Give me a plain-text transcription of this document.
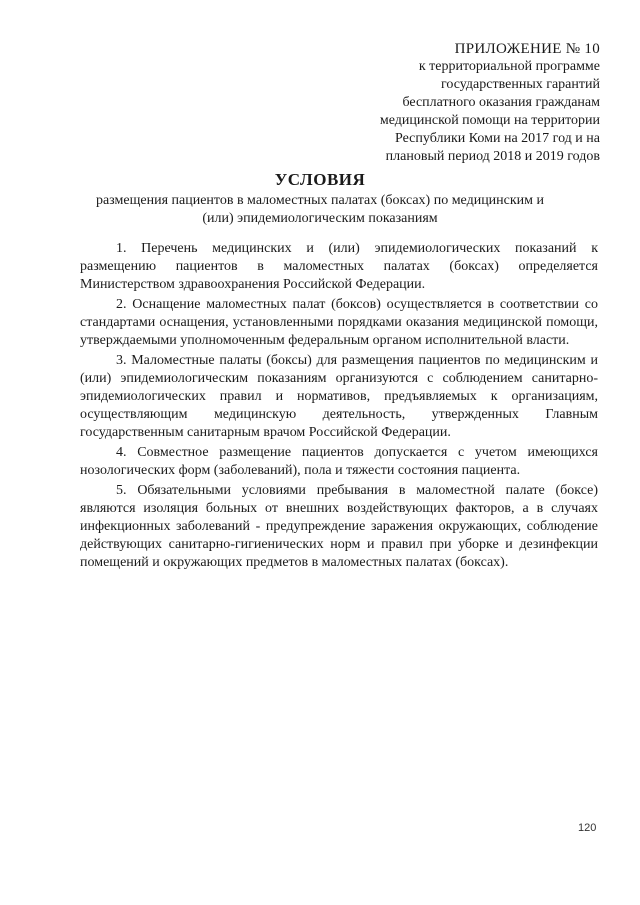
ПРИЛОЖЕНИЕ № 10
к территориальной программе
государственных гарантий
бесплатного оказания гражданам
медицинской помощи на территории
Республики Коми на 2017 год и на
плановый период 2018 и 2019 годов
УСЛОВИЯ
размещения пациентов в маломестных палатах (боксах) по медицинским и (или) эпидемиологическим показаниям

1. Перечень медицинских и (или) эпидемиологических показаний к размещению пациентов в маломестных палатах (боксах) определяется Министерством здравоохранения Российской Федерации.

2. Оснащение маломестных палат (боксов) осуществляется в соответствии со стандартами оснащения, установленными порядками оказания медицинской помощи, утверждаемыми уполномоченным федеральным органом исполнительной власти.

3. Маломестные палаты (боксы) для размещения пациентов по медицинским и (или) эпидемиологическим показаниям организуются с соблюдением санитарно-эпидемиологических правил и нормативов, предъявляемых к организациям, осуществляющим медицинскую деятельность, утвержденных Главным государственным санитарным врачом Российской Федерации.

4. Совместное размещение пациентов допускается с учетом имеющихся нозологических форм (заболеваний), пола и тяжести состояния пациента.

5. Обязательными условиями пребывания в маломестной палате (боксе) являются изоляция больных от внешних воздействующих факторов, а в случаях инфекционных заболеваний - предупреждение заражения окружающих, соблюдение действующих санитарно-гигиенических норм и правил при уборке и дезинфекции помещений и окружающих предметов в маломестных палатах (боксах).

120
